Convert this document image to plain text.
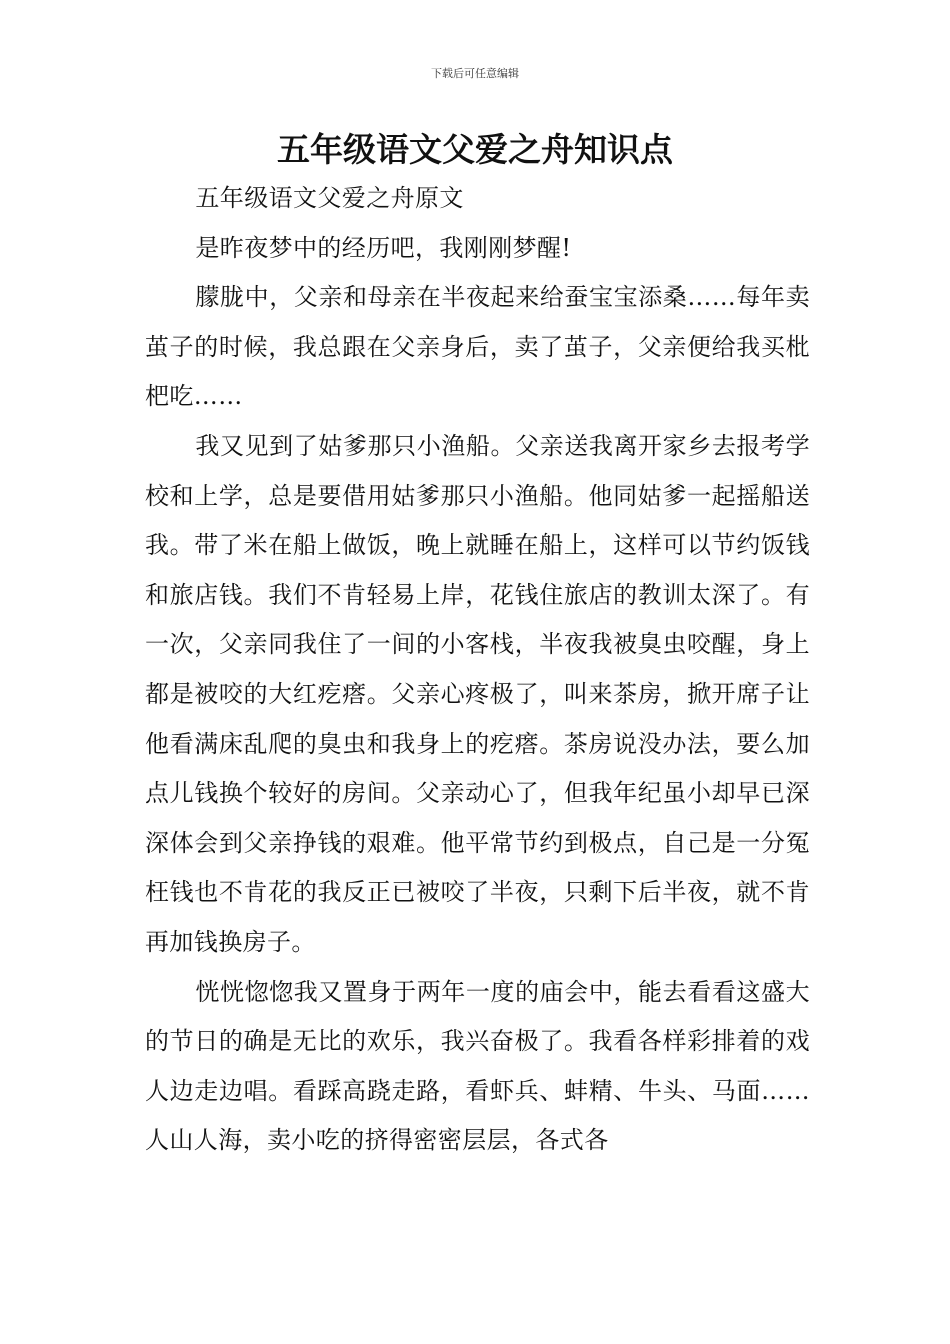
下载后可任意编辑
五年级语文父爱之舟知识点

五年级语文父爱之舟原文

是昨夜梦中的经历吧，我刚刚梦醒!

朦胧中，父亲和母亲在半夜起来给蚕宝宝添桑……每年卖茧子的时候，我总跟在父亲身后，卖了茧子，父亲便给我买枇杷吃……

我又见到了姑爹那只小渔船。父亲送我离开家乡去报考学校和上学，总是要借用姑爹那只小渔船。他同姑爹一起摇船送我。带了米在船上做饭，晚上就睡在船上，这样可以节约饭钱和旅店钱。我们不肯轻易上岸，花钱住旅店的教训太深了。有一次，父亲同我住了一间的小客栈，半夜我被臭虫咬醒，身上都是被咬的大红疙瘩。父亲心疼极了，叫来茶房，掀开席子让他看满床乱爬的臭虫和我身上的疙瘩。茶房说没办法，要么加点儿钱换个较好的房间。父亲动心了，但我年纪虽小却早已深深体会到父亲挣钱的艰难。他平常节约到极点，自己是一分冤枉钱也不肯花的我反正已被咬了半夜，只剩下后半夜，就不肯再加钱换房子。

恍恍惚惚我又置身于两年一度的庙会中，能去看看这盛大的节日的确是无比的欢乐，我兴奋极了。我看各样彩排着的戏人边走边唱。看踩高跷走路，看虾兵、蚌精、牛头、马面……人山人海，卖小吃的挤得密密层层，各式各
